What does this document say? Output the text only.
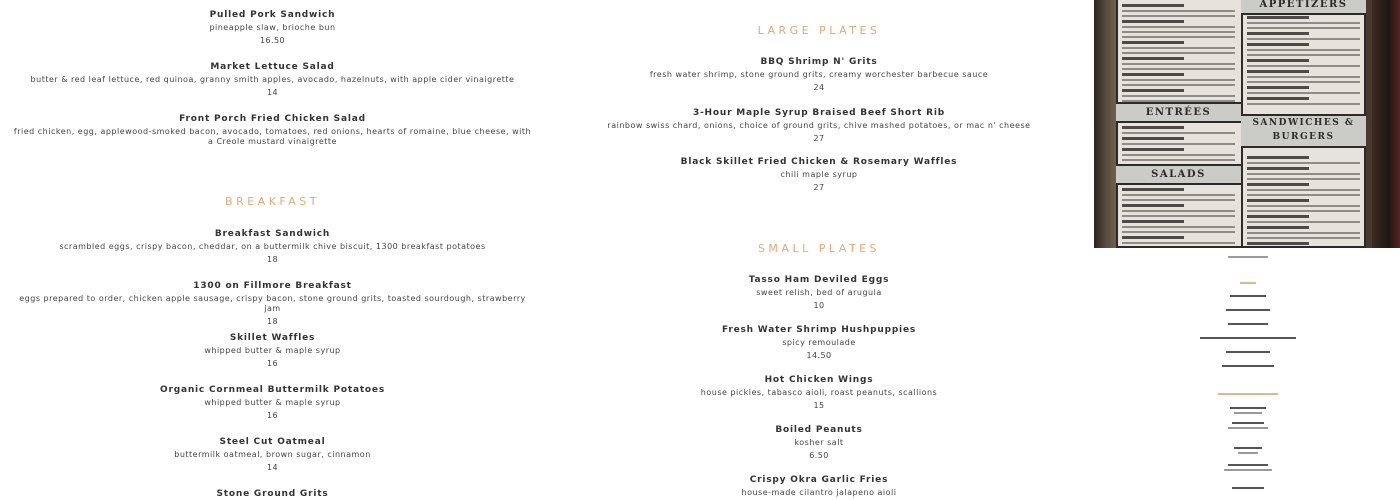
Pulled Pork Sandwich
pineapple slaw, brioche bun
16.50
Market Lettuce Salad
butter & red leaf lettuce, red quinoa, granny smith apples, avocado, hazelnuts, with apple cider vinaigrette
14
Front Porch Fried Chicken Salad
fried chicken, egg, applewood-smoked bacon, avocado, tomatoes, red onions, hearts of romaine, blue cheese, with a Creole mustard vinaigrette
BREAKFAST
Breakfast Sandwich
scrambled eggs, crispy bacon, cheddar, on a buttermilk chive biscuit, 1300 breakfast potatoes
18
1300 on Fillmore Breakfast
eggs prepared to order, chicken apple sausage, crispy bacon, stone ground grits, toasted sourdough, strawberry jam
18
Skillet Waffles
whipped butter & maple syrup
16
Organic Cornmeal Buttermilk Potatoes
whipped butter & maple syrup
16
Steel Cut Oatmeal
buttermilk oatmeal, brown sugar, cinnamon
14
Stone Ground Grits
LARGE PLATES
BBQ Shrimp N' Grits
fresh water shrimp, stone ground grits, creamy worchester barbecue sauce
24
3-Hour Maple Syrup Braised Beef Short Rib
rainbow swiss chard, onions, choice of ground grits, chive mashed potatoes, or mac n' cheese
27
Black Skillet Fried Chicken & Rosemary Waffles
chili maple syrup
27
SMALL PLATES
Tasso Ham Deviled Eggs
sweet relish, bed of arugula
10
Fresh Water Shrimp Hushpuppies
spicy remoulade
14.50
Hot Chicken Wings
house pickles, tabasco aioli, roast peanuts, scallions
15
Boiled Peanuts
kosher salt
6.50
Crispy Okra Garlic Fries
house-made cilantro jalapeno aioli
ENTRÉES
SALADS
APPETIZERS
SANDWICHES & BURGERS
